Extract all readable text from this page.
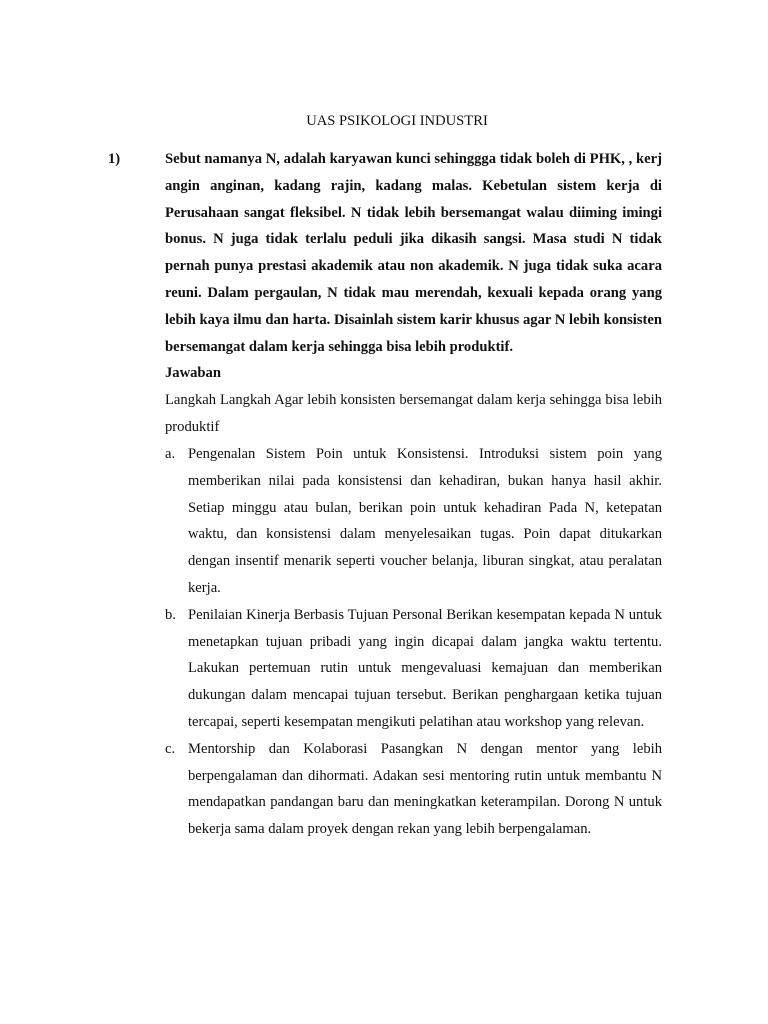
UAS PSIKOLOGI INDUSTRI
1)	Sebut namanya N, adalah karyawan kunci sehinggga tidak boleh di PHK, , kerj angin anginan, kadang rajin, kadang malas. Kebetulan sistem kerja di Perusahaan sangat fleksibel. N tidak lebih bersemangat walau diiming imingi bonus. N juga tidak terlalu peduli jika dikasih sangsi. Masa studi N tidak pernah punya prestasi akademik atau non akademik. N juga tidak suka acara reuni. Dalam pergaulan, N tidak mau merendah, kexuali kepada orang yang lebih kaya ilmu dan harta. Disainlah sistem karir khusus agar N lebih konsisten bersemangat dalam kerja sehingga bisa lebih produktif.

Jawaban

Langkah Langkah Agar lebih konsisten bersemangat dalam kerja sehingga bisa lebih produktif

a. Pengenalan Sistem Poin untuk Konsistensi. Introduksi sistem poin yang memberikan nilai pada konsistensi dan kehadiran, bukan hanya hasil akhir. Setiap minggu atau bulan, berikan poin untuk kehadiran Pada N, ketepatan waktu, dan konsistensi dalam menyelesaikan tugas. Poin dapat ditukarkan dengan insentif menarik seperti voucher belanja, liburan singkat, atau peralatan kerja.

b. Penilaian Kinerja Berbasis Tujuan Personal Berikan kesempatan kepada N untuk menetapkan tujuan pribadi yang ingin dicapai dalam jangka waktu tertentu. Lakukan pertemuan rutin untuk mengevaluasi kemajuan dan memberikan dukungan dalam mencapai tujuan tersebut. Berikan penghargaan ketika tujuan tercapai, seperti kesempatan mengikuti pelatihan atau workshop yang relevan.

c. Mentorship dan Kolaborasi Pasangkan N dengan mentor yang lebih berpengalaman dan dihormati. Adakan sesi mentoring rutin untuk membantu N mendapatkan pandangan baru dan meningkatkan keterampilan. Dorong N untuk bekerja sama dalam proyek dengan rekan yang lebih berpengalaman.
